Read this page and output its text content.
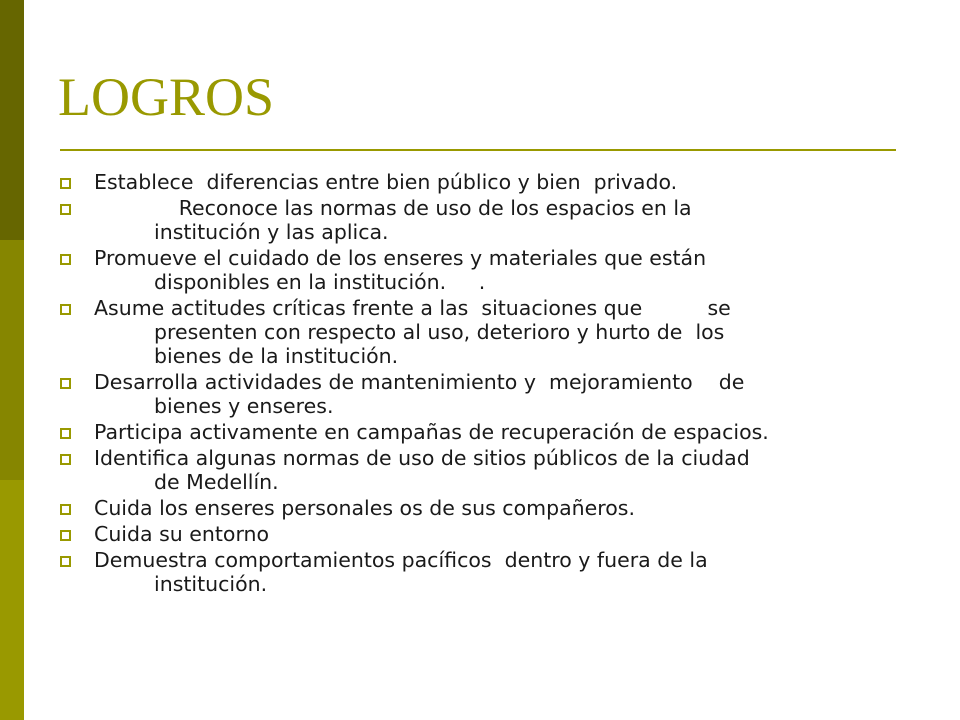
LOGROS
Establece  diferencias entre bien público y bien  privado.
Reconoce las normas de uso de los espacios en la
institución y las aplica.
Promueve el cuidado de los enseres y materiales que están
disponibles en la institución.     .
Asume actitudes críticas frente a las  situaciones que          se
presenten con respecto al uso, deterioro y hurto de  los
bienes de la institución.
Desarrolla actividades de mantenimiento y  mejoramiento    de
bienes y enseres.
Participa activamente en campañas de recuperación de espacios.
Identifica algunas normas de uso de sitios públicos de la ciudad
de Medellín.
Cuida los enseres personales os de sus compañeros.
Cuida su entorno
Demuestra comportamientos pacíficos  dentro y fuera de la
institución.
